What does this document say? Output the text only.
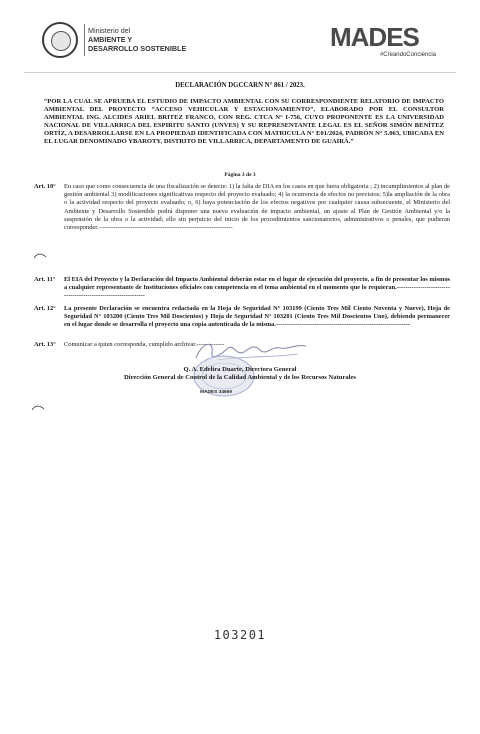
Ministerio del
AMBIENTE Y
DESARROLLO SOSTENIBLE	MADES
#CreandoConciencia
DECLARACIÓN DGCCARN N° 861 / 2023.
“POR LA CUAL SE APRUEBA EL ESTUDIO DE IMPACTO AMBIENTAL CON SU CORRESPONDIENTE RELATORIO DE IMPACTO AMBIENTAL DEL PROYECTO “ACCESO VEHICULAR Y ESTACIONAMIENTO”, ELABORADO POR EL CONSULTOR AMBIENTAL ING. ALCIDES ARIEL BRITEZ FRANCO, CON REG. CTCA N° I-756, CUYO PROPONENTE ES LA UNIVERSIDAD NACIONAL DE VILLARRICA DEL ESPIRITU SANTO (UNVES) Y SU REPRESENTANTE LEGAL ES EL SEÑOR SIMÓN BENÍTEZ ORTÍZ, A DESARROLLARSE EN LA PROPIEDAD IDENTIFICADA CON MATRICULA N° E01/2024, PADRÓN N° 5.063, UBICADA EN EL LUGAR DENOMINADO YBAROTY, DISTRITO DE VILLARRICA, DEPARTAMENTO DE GUAIRÁ.”
Página 3 de 3
Art. 10° En caso que como consecuencia de una fiscalización se detecte: 1) la falta de DIA en los casos en que fuera obligatoria ; 2) incumplimientos al plan de gestión ambiental 3) modificaciones significativas respecto del proyecto evaluado; 4) la ocurrencia de efectos no previstos; 5)la ampliación de la obra o la actividad respecto del proyecto evaluado; o, 6) haya potenciación de los efectos negativos por cualquier causa subsecuente, el Ministerio del Ambiente y Desarrollo Sostenible podrá disponer una nueva evaluación de impacto ambiental, un ajuste al Plan de Gestión Ambiental y/o la suspensión de la obra o la actividad; ello sin perjuicio del inicio de los procedimientos sancionatorios, administrativos o penales, que pudieran corresponder.---------------------------------------------------------------
Art. 11° El EIA del Proyecto y la Declaración del Impacto Ambiental deberán estar en el lugar de ejecución del proyecto, a fin de presentar los mismos a cualquier representante de Instituciones oficiales con competencia en el tema ambiental en el momento que lo requieran.---------------------------------------------------------------
Art. 12° La presente Declaración se encuentra redactada en la Hoja de Seguridad N° 103199 (Ciento Tres Mil Ciento Noventa y Nueve), Hoja de Seguridad N° 103200 (Ciento Tres Mil Doscientos) y Hoja de Seguridad N° 103201 (Ciento Tres Mil Doscientos Uno), debiendo permanecer en el lugar donde se desarrolla el proyecto una copia autenticada de la misma.---------------------------------------------------------------
Art. 13° Comunicar a quien corresponda, cumplido archivar.-------------
MADES 34669
Q. A. Edelira Duarte, Directora General
Dirección General de Control de la Calidad Ambiental y de los Recursos Naturales
103201
